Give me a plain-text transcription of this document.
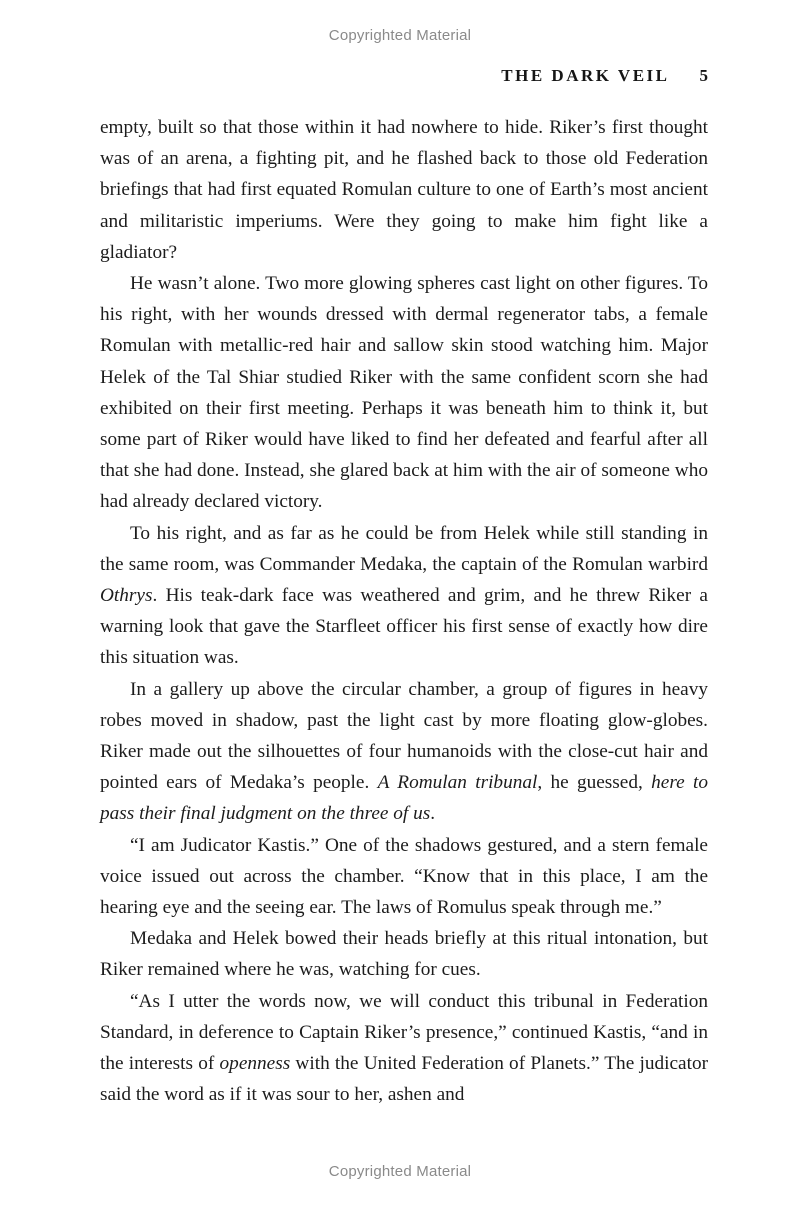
Copyrighted Material
THE DARK VEIL 5

empty, built so that those within it had nowhere to hide. Riker’s first thought was of an arena, a fighting pit, and he flashed back to those old Federation briefings that had first equated Romulan culture to one of Earth’s most ancient and militaristic imperiums. Were they going to make him fight like a gladiator?

He wasn’t alone. Two more glowing spheres cast light on other figures. To his right, with her wounds dressed with dermal regenerator tabs, a female Romulan with metallic-red hair and sallow skin stood watching him. Major Helek of the Tal Shiar studied Riker with the same confident scorn she had exhibited on their first meeting. Perhaps it was beneath him to think it, but some part of Riker would have liked to find her defeated and fearful after all that she had done. Instead, she glared back at him with the air of someone who had already declared victory.

To his right, and as far as he could be from Helek while still standing in the same room, was Commander Medaka, the captain of the Romulan warbird Othrys. His teak-dark face was weathered and grim, and he threw Riker a warning look that gave the Starfleet officer his first sense of exactly how dire this situation was.

In a gallery up above the circular chamber, a group of figures in heavy robes moved in shadow, past the light cast by more floating glow-globes. Riker made out the silhouettes of four humanoids with the close-cut hair and pointed ears of Medaka’s people. A Romulan tribunal, he guessed, here to pass their final judgment on the three of us.

“I am Judicator Kastis.” One of the shadows gestured, and a stern female voice issued out across the chamber. “Know that in this place, I am the hearing eye and the seeing ear. The laws of Romulus speak through me.”

Medaka and Helek bowed their heads briefly at this ritual intonation, but Riker remained where he was, watching for cues.

“As I utter the words now, we will conduct this tribunal in Federation Standard, in deference to Captain Riker’s presence,” continued Kastis, “and in the interests of openness with the United Federation of Planets.” The judicator said the word as if it was sour to her, ashen and

Copyrighted Material
